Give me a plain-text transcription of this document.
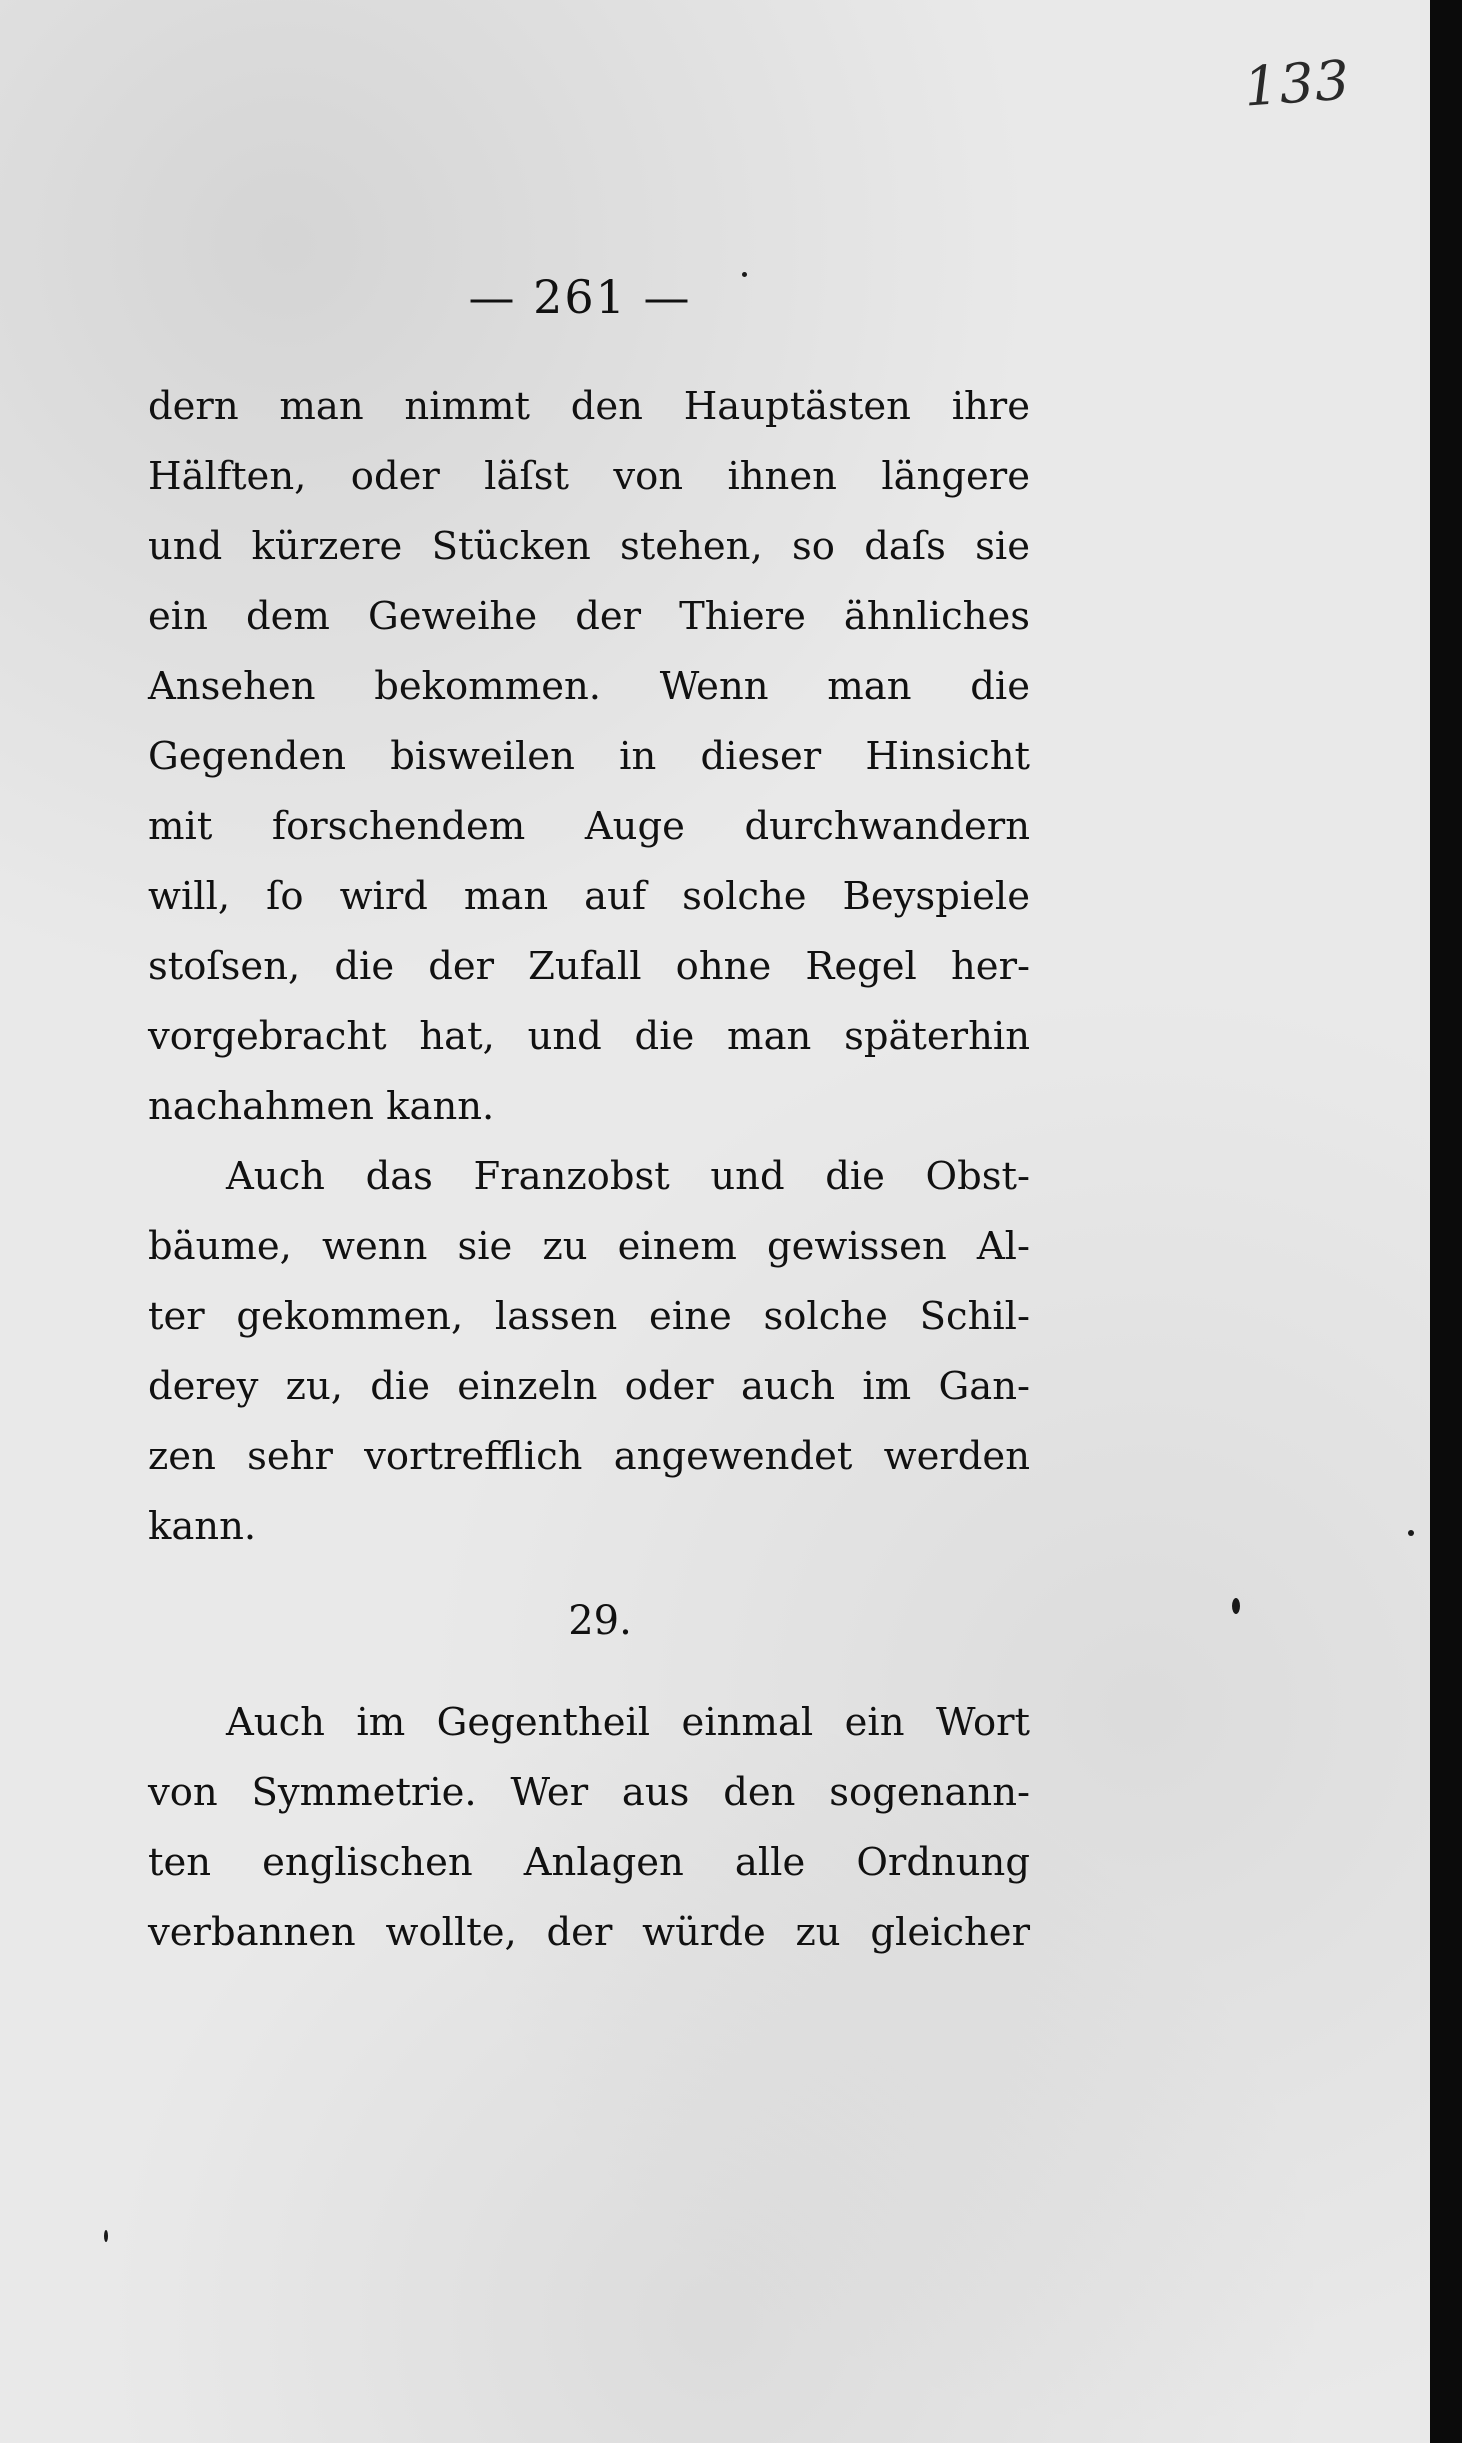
133
— 261 —
dern man nimmt den Hauptästen ihre
Hälften, oder läſst von ihnen längere
und kürzere Stücken stehen, so daſs sie
ein dem Geweihe der Thiere ähnliches
Ansehen bekommen. Wenn man die
Gegenden bisweilen in dieser Hinsicht
mit forschendem Auge durchwandern
will, ſo wird man auf solche Beyspiele
stoſsen, die der Zufall ohne Regel her-
vorgebracht hat, und die man späterhin
nachahmen kann.
Auch das Franzobst und die Obst-
bäume, wenn sie zu einem gewissen Al-
ter gekommen, lassen eine solche Schil-
derey zu, die einzeln oder auch im Gan-
zen sehr vortrefflich angewendet werden
kann.
29.
Auch im Gegentheil einmal ein Wort
von Symmetrie. Wer aus den sogenann-
ten englischen Anlagen alle Ordnung
verbannen wollte, der würde zu gleicher
